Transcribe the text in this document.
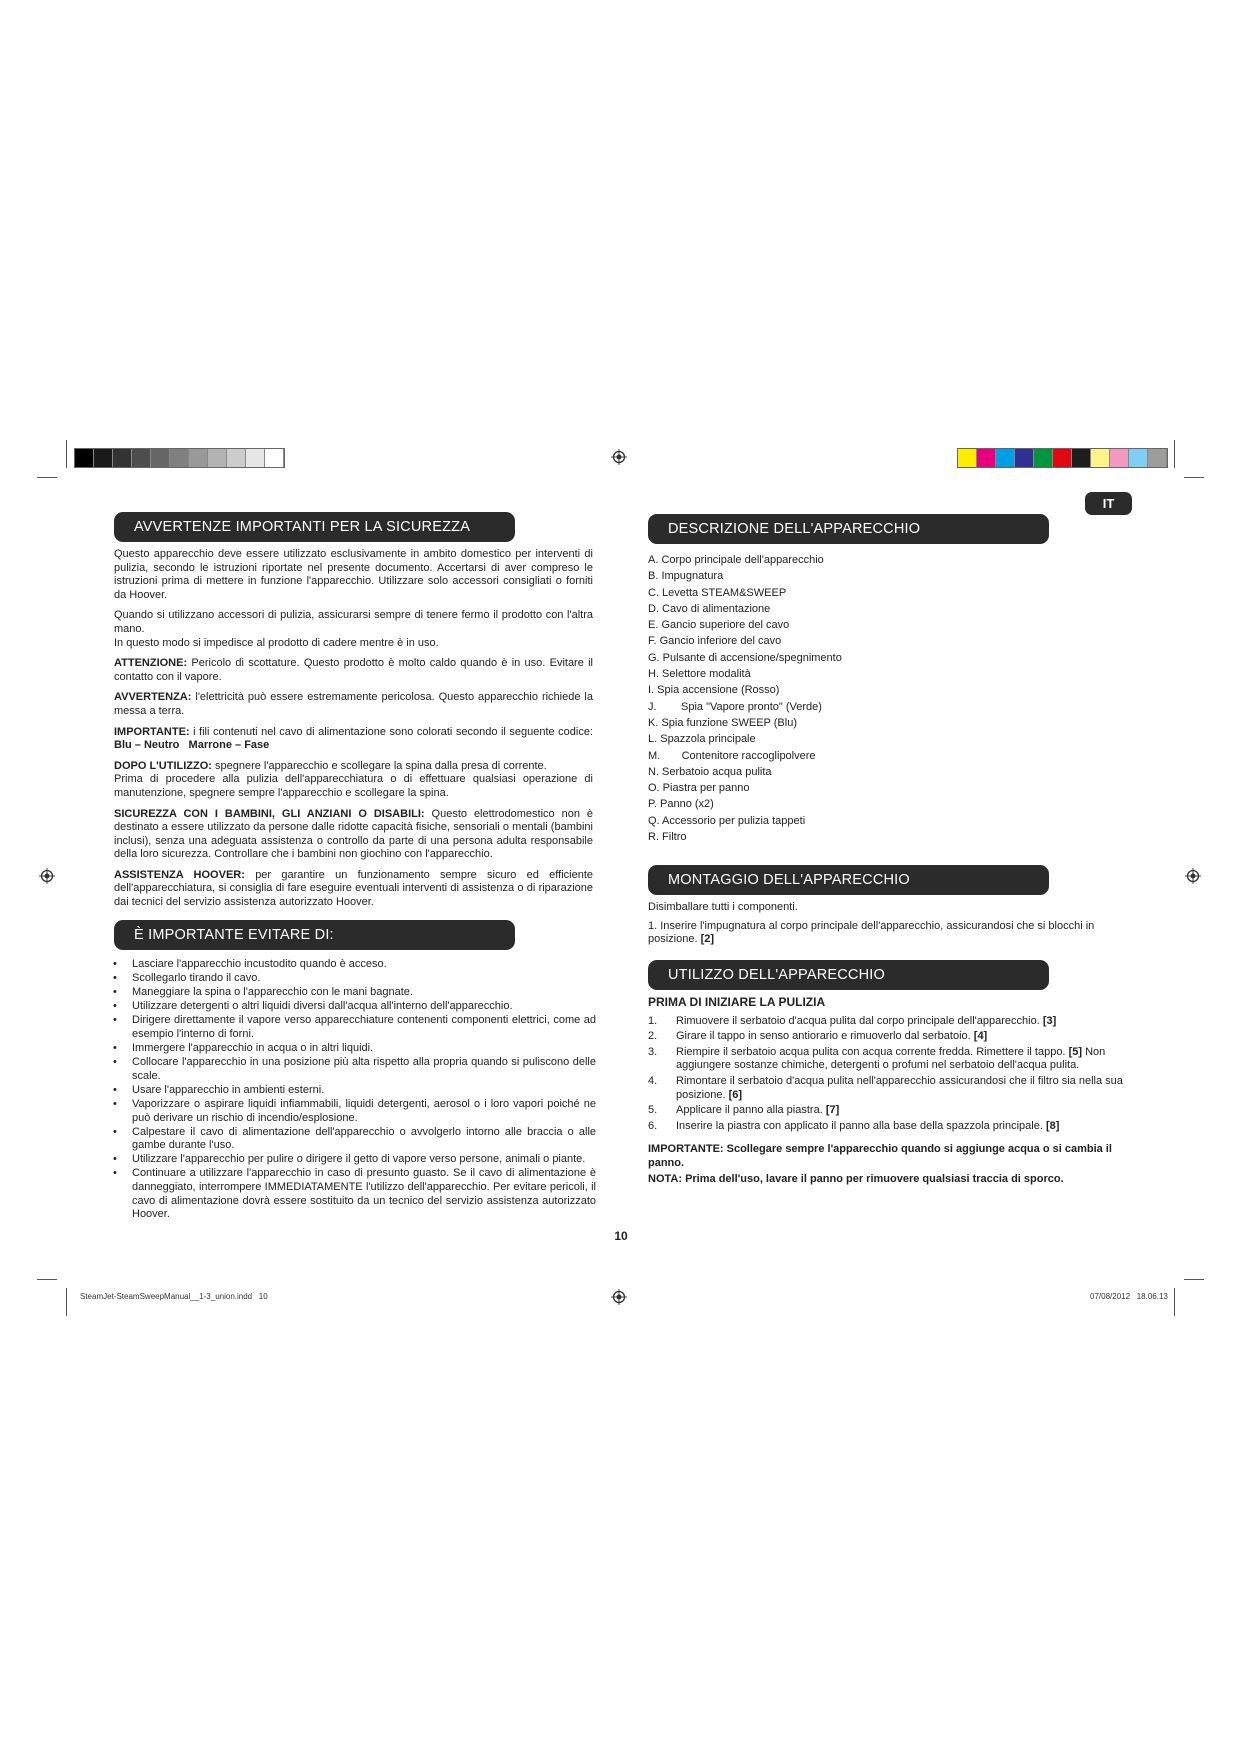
IT
AVVERTENZE IMPORTANTI PER LA SICUREZZA

Questo apparecchio deve essere utilizzato esclusivamente in ambito domestico per interventi di pulizia, secondo le istruzioni riportate nel presente documento. Accertarsi di aver compreso le istruzioni prima di mettere in funzione l'apparecchio. Utilizzare solo accessori consigliati o forniti da Hoover.

Quando si utilizzano accessori di pulizia, assicurarsi sempre di tenere fermo il prodotto con l'altra mano.
In questo modo si impedisce al prodotto di cadere mentre è in uso.

ATTENZIONE: Pericolo di scottature. Questo prodotto è molto caldo quando è in uso. Evitare il contatto con il vapore.

AVVERTENZA: l'elettricità può essere estremamente pericolosa. Questo apparecchio richiede la messa a terra.

IMPORTANTE: i fili contenuti nel cavo di alimentazione sono colorati secondo il seguente codice: Blu – Neutro   Marrone – Fase

DOPO L'UTILIZZO: spegnere l'apparecchio e scollegare la spina dalla presa di corrente.
Prima di procedere alla pulizia dell'apparecchiatura o di effettuare qualsiasi operazione di manutenzione, spegnere sempre l'apparecchio e scollegare la spina.

SICUREZZA CON I BAMBINI, GLI ANZIANI O DISABILI: Questo elettrodomestico non è destinato a essere utilizzato da persone dalle ridotte capacità fisiche, sensoriali o mentali (bambini inclusi), senza una adeguata assistenza o controllo da parte di una persona adulta responsabile della loro sicurezza. Controllare che i bambini non giochino con l'apparecchio.

ASSISTENZA HOOVER: per garantire un funzionamento sempre sicuro ed efficiente dell'apparecchiatura, si consiglia di fare eseguire eventuali interventi di assistenza o di riparazione dai tecnici del servizio assistenza autorizzato Hoover.

È IMPORTANTE EVITARE DI:
• Lasciare l'apparecchio incustodito quando è acceso.
• Scollegarlo tirando il cavo.
• Maneggiare la spina o l'apparecchio con le mani bagnate.
• Utilizzare detergenti o altri liquidi diversi dall'acqua all'interno dell'apparecchio.
• Dirigere direttamente il vapore verso apparecchiature contenenti componenti elettrici, come ad esempio l'interno di forni.
• Immergere l'apparecchio in acqua o in altri liquidi.
• Collocare l'apparecchio in una posizione più alta rispetto alla propria quando si puliscono delle scale.
• Usare l'apparecchio in ambienti esterni.
• Vaporizzare o aspirare liquidi infiammabili, liquidi detergenti, aerosol o i loro vapori poiché ne può derivare un rischio di incendio/esplosione.
• Calpestare il cavo di alimentazione dell'apparecchio o avvolgerlo intorno alle braccia o alle gambe durante l'uso.
• Utilizzare l'apparecchio per pulire o dirigere il getto di vapore verso persone, animali o piante.
• Continuare a utilizzare l'apparecchio in caso di presunto guasto. Se il cavo di alimentazione è danneggiato, interrompere IMMEDIATAMENTE l'utilizzo dell'apparecchio. Per evitare pericoli, il cavo di alimentazione dovrà essere sostituito da un tecnico del servizio assistenza autorizzato Hoover.
DESCRIZIONE DELL'APPARECCHIO
A. Corpo principale dell'apparecchio
B. Impugnatura
C. Levetta STEAM&SWEEP
D. Cavo di alimentazione
E. Gancio superiore del cavo
F. Gancio inferiore del cavo
G. Pulsante di accensione/spegnimento
H. Selettore modalità
I. Spia accensione (Rosso)
J.        Spia "Vapore pronto" (Verde)
K. Spia funzione SWEEP (Blu)
L. Spazzola principale
M.       Contenitore raccoglipolvere
N. Serbatoio acqua pulita
O. Piastra per panno
P. Panno (x2)
Q. Accessorio per pulizia tappeti
R. Filtro
MONTAGGIO DELL'APPARECCHIO

Disimballare tutti i componenti.

1. Inserire l'impugnatura al corpo principale dell'apparecchio, assicurandosi che si blocchi in posizione. [2]
UTILIZZO DELL'APPARECCHIO
PRIMA DI INIZIARE LA PULIZIA
1. Rimuovere il serbatoio d'acqua pulita dal corpo principale dell'apparecchio. [3]
2. Girare il tappo in senso antiorario e rimuoverlo dal serbatoio. [4]
3. Riempire il serbatoio acqua pulita con acqua corrente fredda. Rimettere il tappo. [5] Non aggiungere sostanze chimiche, detergenti o profumi nel serbatoio dell'acqua pulita.
4. Rimontare il serbatoio d'acqua pulita nell'apparecchio assicurandosi che il filtro sia nella sua posizione. [6]
5. Applicare il panno alla piastra. [7]
6. Inserire la piastra con applicato il panno alla base della spazzola principale. [8]

IMPORTANTE: Scollegare sempre l'apparecchio quando si aggiunge acqua o si cambia il panno.

NOTA: Prima dell'uso, lavare il panno per rimuovere qualsiasi traccia di sporco.

10
SteamJet-SteamSweepManual__1-3_union.indd   10	07/08/2012   18.06.13
